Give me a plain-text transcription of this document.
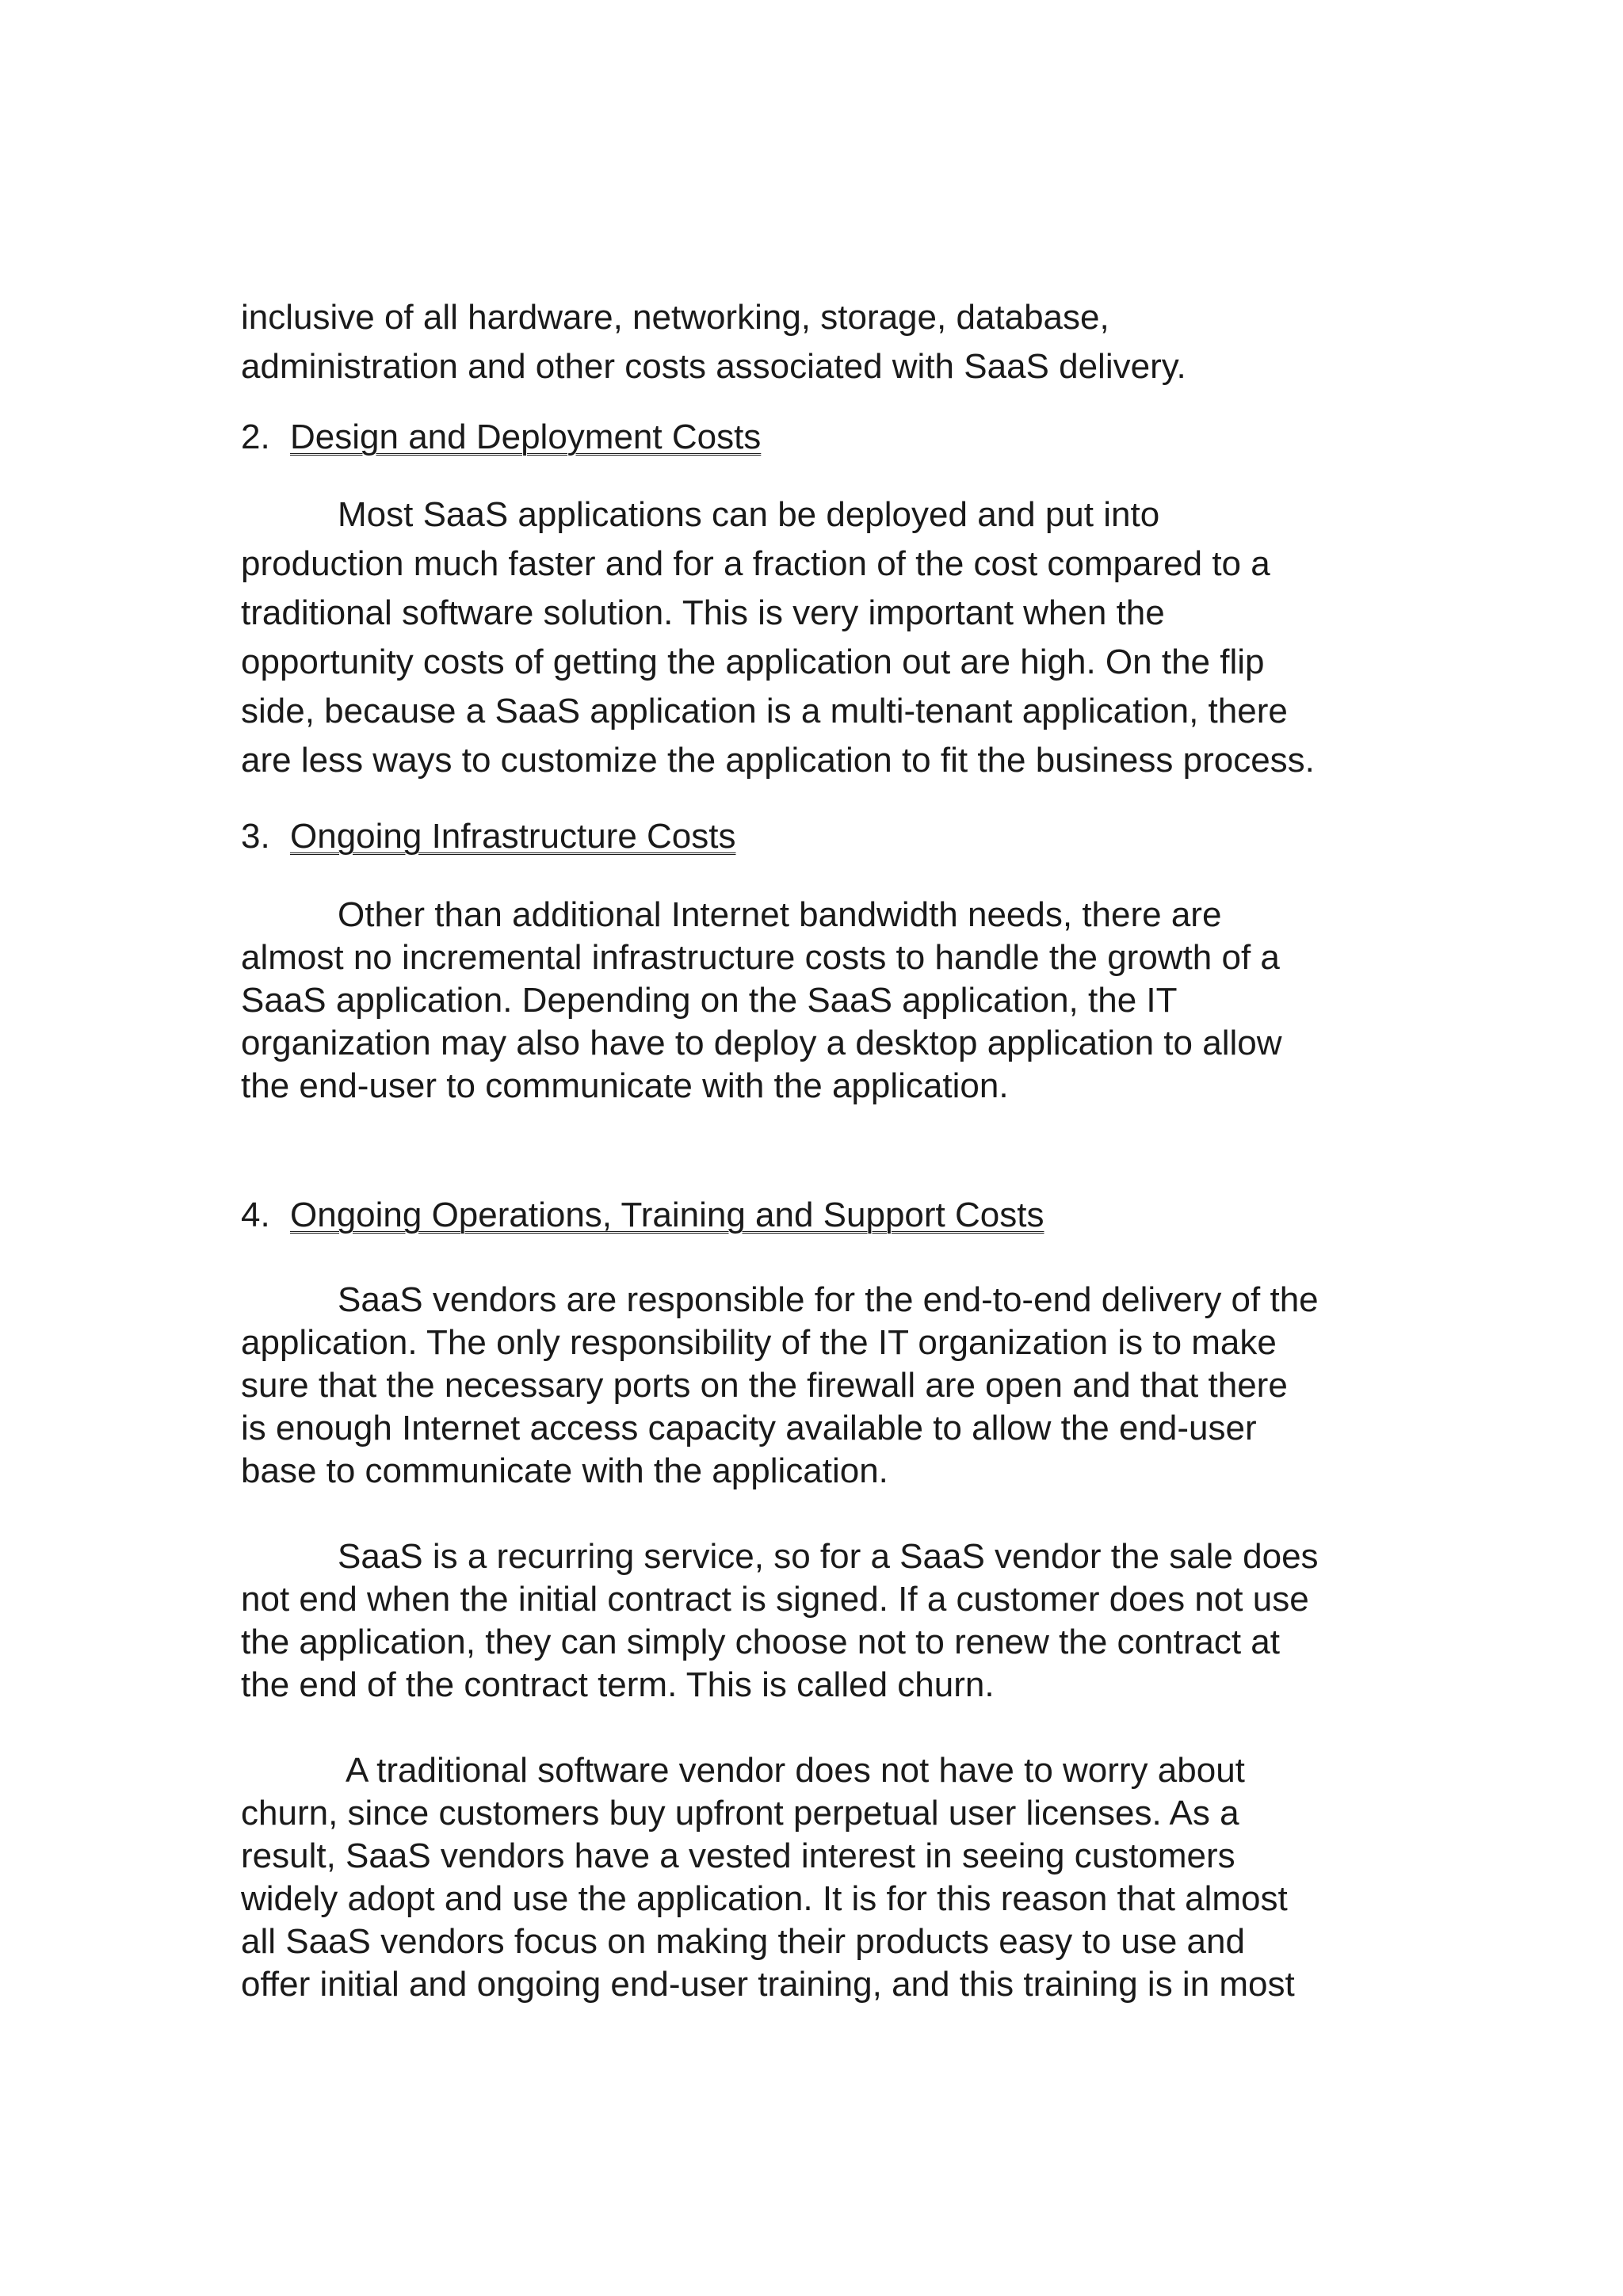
inclusive of all hardware, networking, storage, database,
administration and other costs associated with SaaS delivery.
2. Design and Deployment Costs
Most SaaS applications can be deployed and put into
production much faster and for a fraction of the cost compared to a
traditional software solution. This is very important when the
opportunity costs of getting the application out are high. On the flip
side, because a SaaS application is a multi-tenant application, there
are less ways to customize the application to fit the business process.
3. Ongoing Infrastructure Costs
Other than additional Internet bandwidth needs, there are
almost no incremental infrastructure costs to handle the growth of a
SaaS application. Depending on the SaaS application, the IT
organization may also have to deploy a desktop application to allow
the end-user to communicate with the application.
4. Ongoing Operations, Training and Support Costs
SaaS vendors are responsible for the end-to-end delivery of the
application. The only responsibility of the IT organization is to make
sure that the necessary ports on the firewall are open and that there
is enough Internet access capacity available to allow the end-user
base to communicate with the application.
SaaS is a recurring service, so for a SaaS vendor the sale does
not end when the initial contract is signed. If a customer does not use
the application, they can simply choose not to renew the contract at
the end of the contract term. This is called churn.
A traditional software vendor does not have to worry about
churn, since customers buy upfront perpetual user licenses. As a
result, SaaS vendors have a vested interest in seeing customers
widely adopt and use the application. It is for this reason that almost
all SaaS vendors focus on making their products easy to use and
offer initial and ongoing end-user training, and this training is in most
